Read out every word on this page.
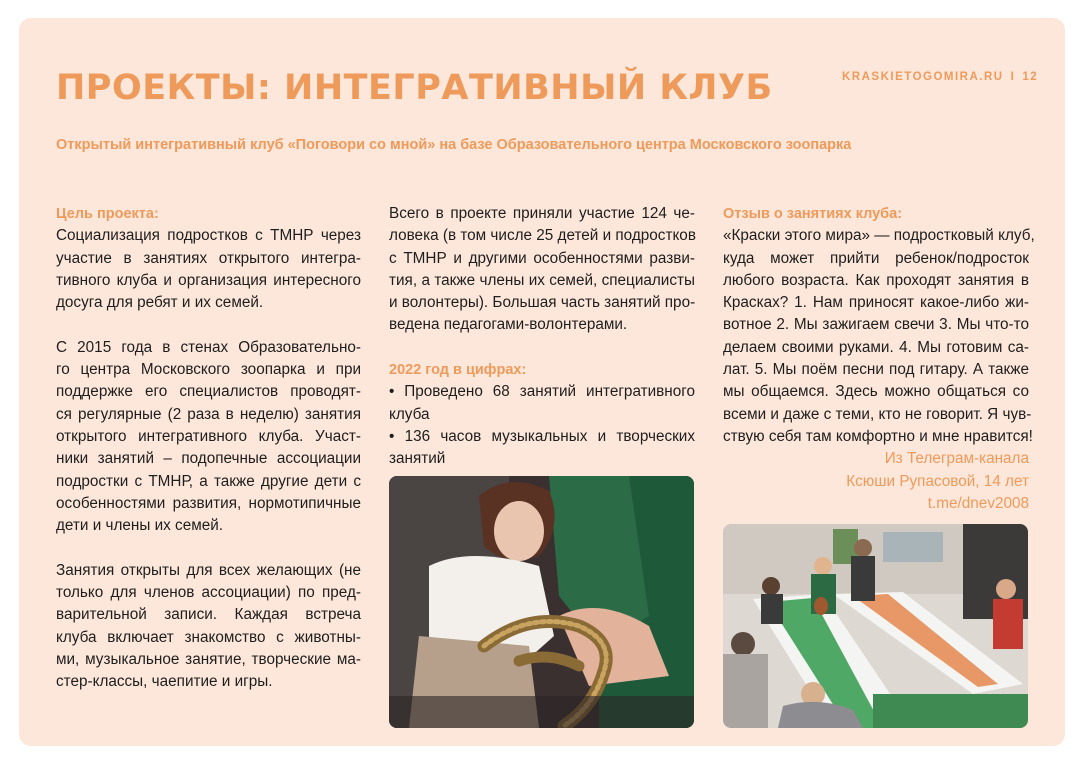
ПРОЕКТЫ: ИНТЕГРАТИВНЫЙ КЛУБ	KRASKIETOGOMIRA.RU I 12
Открытый интегративный клуб «Поговори со мной» на базе Образовательного центра Московского зоопарка
Цель проекта:
Социализация подростков с ТМНР через
участие в занятиях открытого интегра-
тивного клуба и организация интересного
досуга для ребят и их семей.
С 2015 года в стенах Образовательно-
го центра Московского зоопарка и при
поддержке его специалистов проводят-
ся регулярные (2 раза в неделю) занятия
открытого интегративного клуба. Участ-
ники занятий – подопечные ассоциации
подростки с ТМНР, а также другие дети с
особенностями развития, нормотипичные
дети и члены их семей.
Занятия открыты для всех желающих (не
только для членов ассоциации) по пред-
варительной записи. Каждая встреча
клуба включает знакомство с животны-
ми, музыкальное занятие, творческие ма-
стер-классы, чаепитие и игры.
Всего в проекте приняли участие 124 че-
ловека (в том числе 25 детей и подростков
с ТМНР и другими особенностями разви-
тия, а также члены их семей, специалисты
и волонтеры). Большая часть занятий про-
ведена педагогами-волонтерами.
2022 год в цифрах:
• Проведено 68 занятий интегративного
клуба
• 136 часов музыкальных и творческих
занятий
Отзыв о занятиях клуба:
«Краски этого мира» — подростковый клуб,
куда может прийти ребенок/подросток
любого возраста. Как проходят занятия в
Красках? 1. Нам приносят какое-либо жи-
вотное 2. Мы зажигаем свечи 3. Мы что-то
делаем своими руками. 4. Мы готовим са-
лат. 5. Мы поём песни под гитару. А также
мы общаемся. Здесь можно общаться со
всеми и даже с теми, кто не говорит. Я чув-
ствую себя там комфортно и мне нравится!
Из Телеграм-канала
Ксюши Рупасовой, 14 лет
t.me/dnev2008
